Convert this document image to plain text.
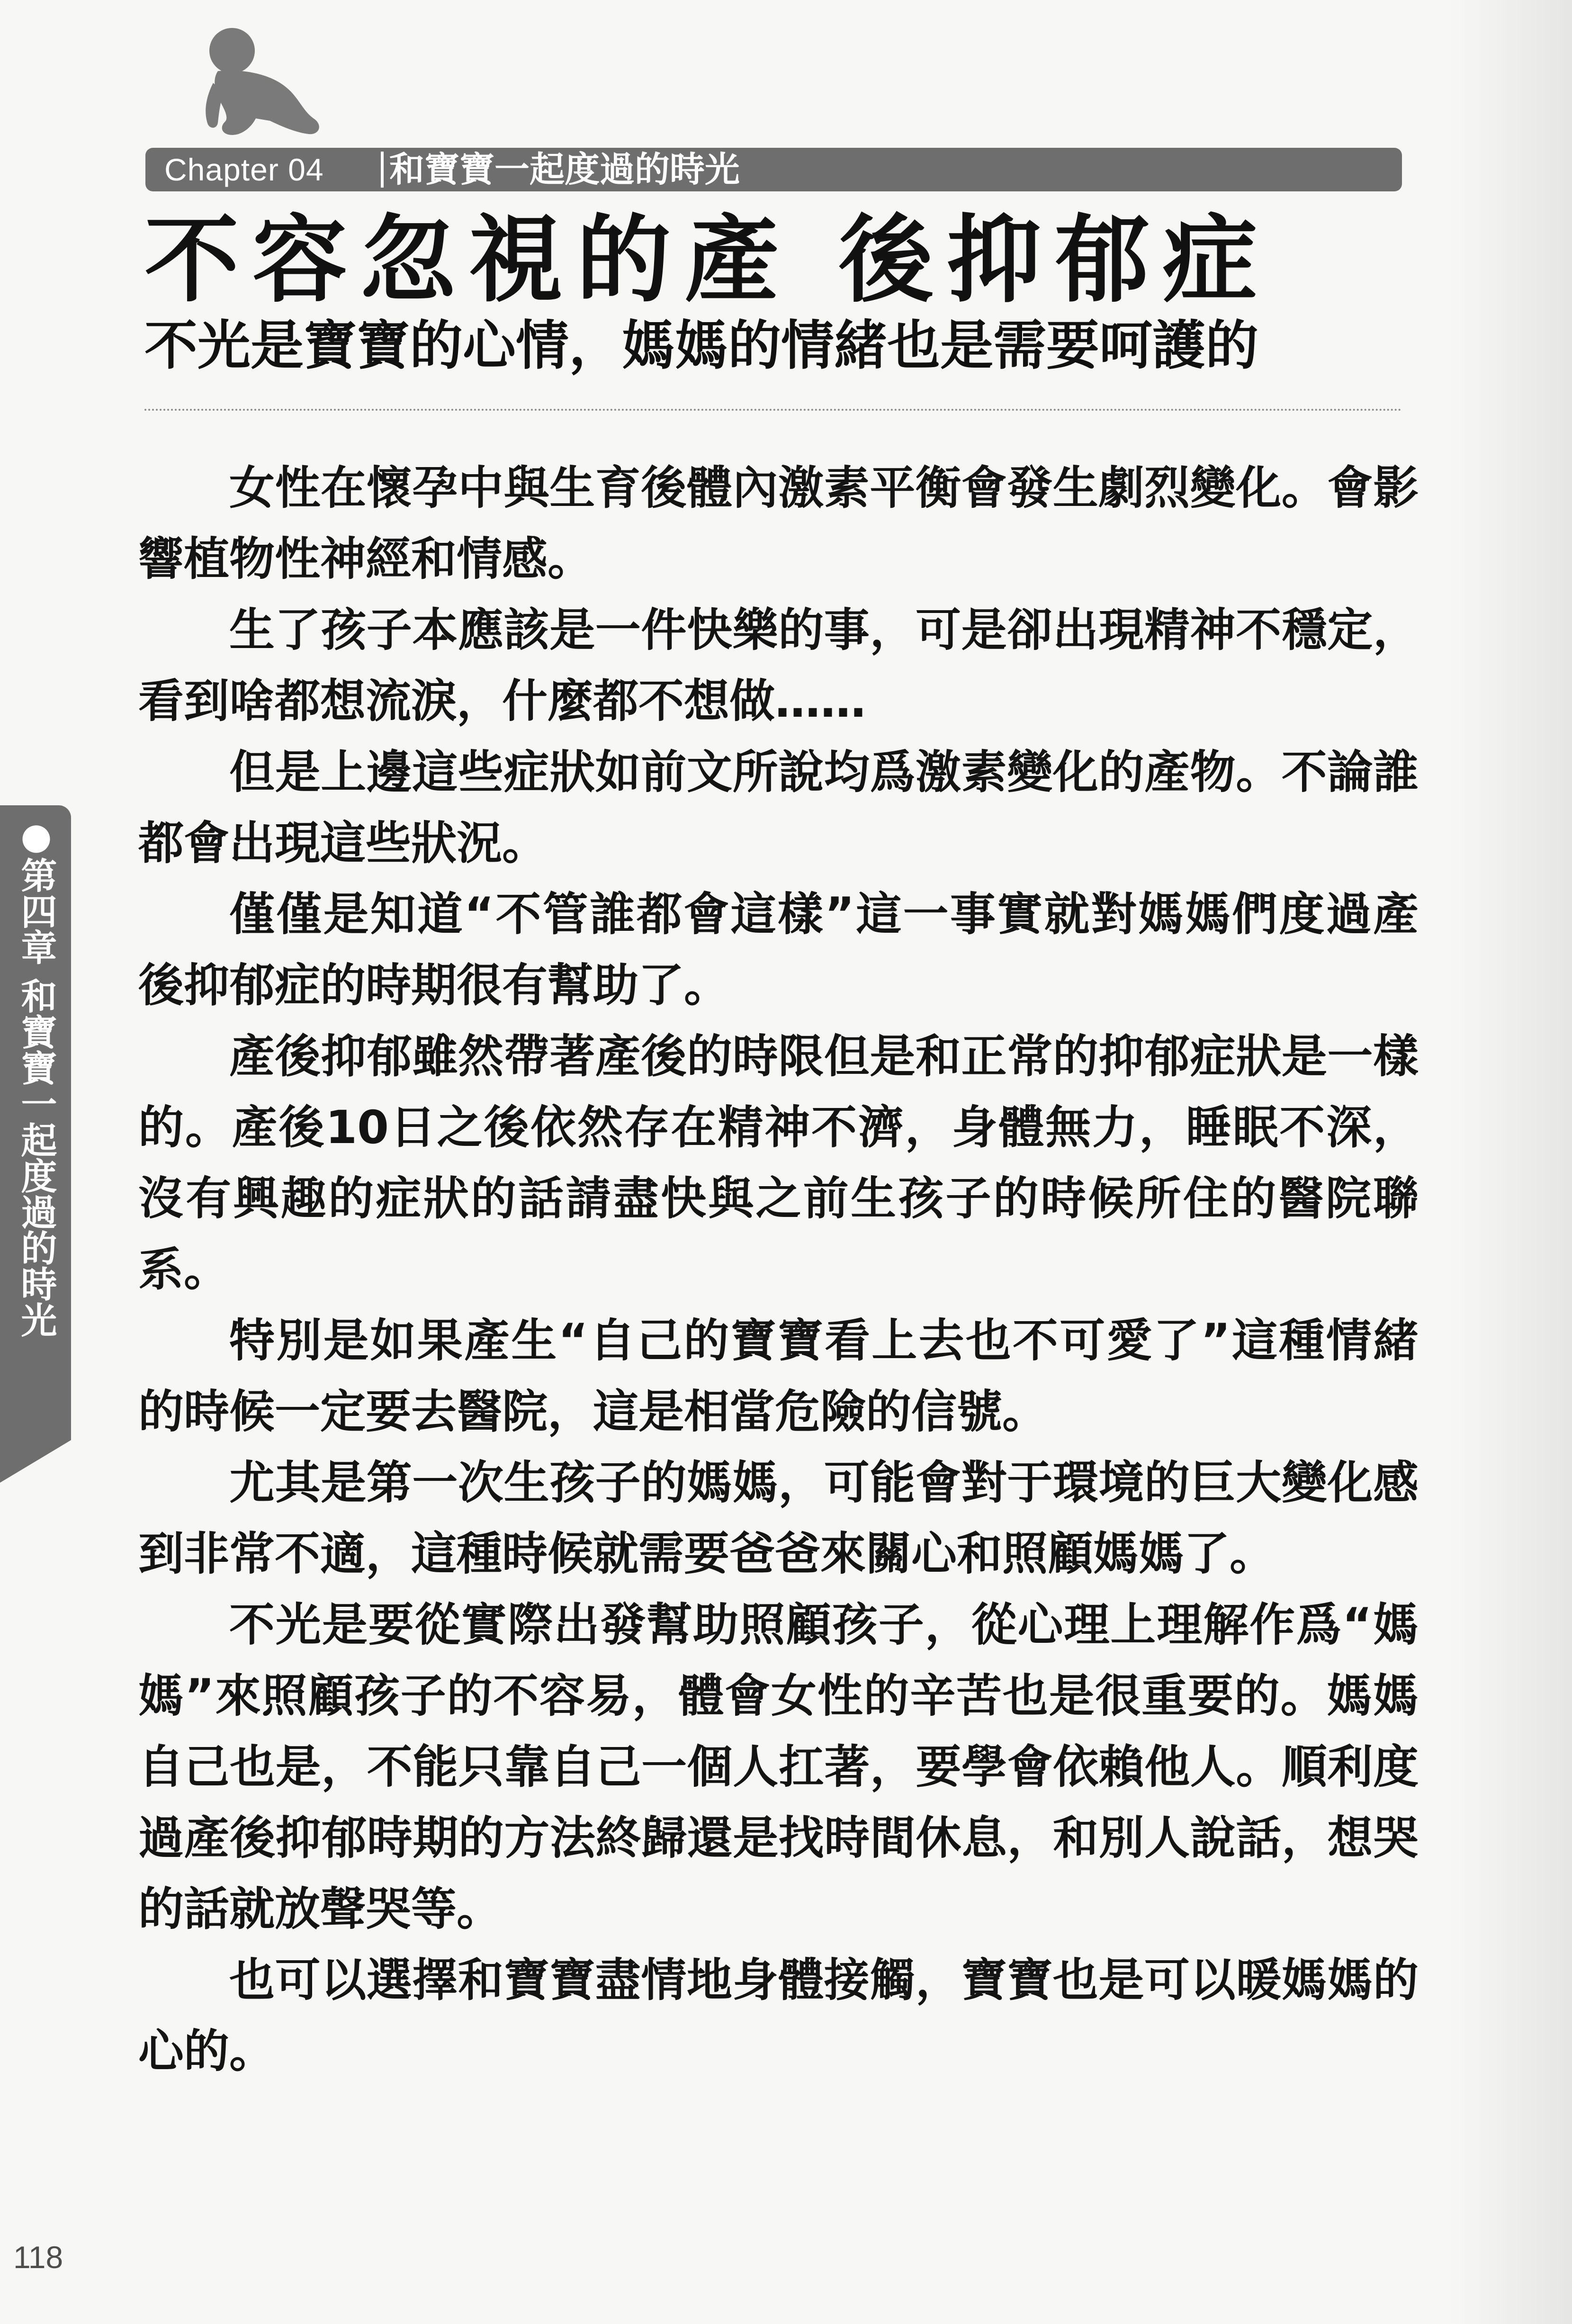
Chapter 04 和寶寶一起度過的時光
不容忽視的產 後抑郁症
不光是寶寶的心情，媽媽的情緒也是需要呵護的

女性在懷孕中與生育後體內激素平衡會發生劇烈變化。會影響植物性神經和情感。

生了孩子本應該是一件快樂的事，可是卻出現精神不穩定，看到啥都想流淚，什麼都不想做……

但是上邊這些症狀如前文所說均爲激素變化的產物。不論誰都會出現這些狀況。

僅僅是知道“不管誰都會這樣”這一事實就對媽媽們度過產後抑郁症的時期很有幫助了。

產後抑郁雖然帶著產後的時限但是和正常的抑郁症狀是一樣的。產後10日之後依然存在精神不濟，身體無力，睡眠不深，沒有興趣的症狀的話請盡快與之前生孩子的時候所住的醫院聯系。

特別是如果產生“自己的寶寶看上去也不可愛了”這種情緒的時候一定要去醫院，這是相當危險的信號。

尤其是第一次生孩子的媽媽，可能會對于環境的巨大變化感到非常不適，這種時候就需要爸爸來關心和照顧媽媽了。

不光是要從實際出發幫助照顧孩子，從心理上理解作爲“媽媽”來照顧孩子的不容易，體會女性的辛苦也是很重要的。媽媽自己也是，不能只靠自己一個人扛著，要學會依賴他人。順利度過產後抑郁時期的方法終歸還是找時間休息，和別人說話，想哭的話就放聲哭等。

也可以選擇和寶寶盡情地身體接觸，寶寶也是可以暖媽媽的心的。

●第四章 和寶寶一起度過的時光
118
